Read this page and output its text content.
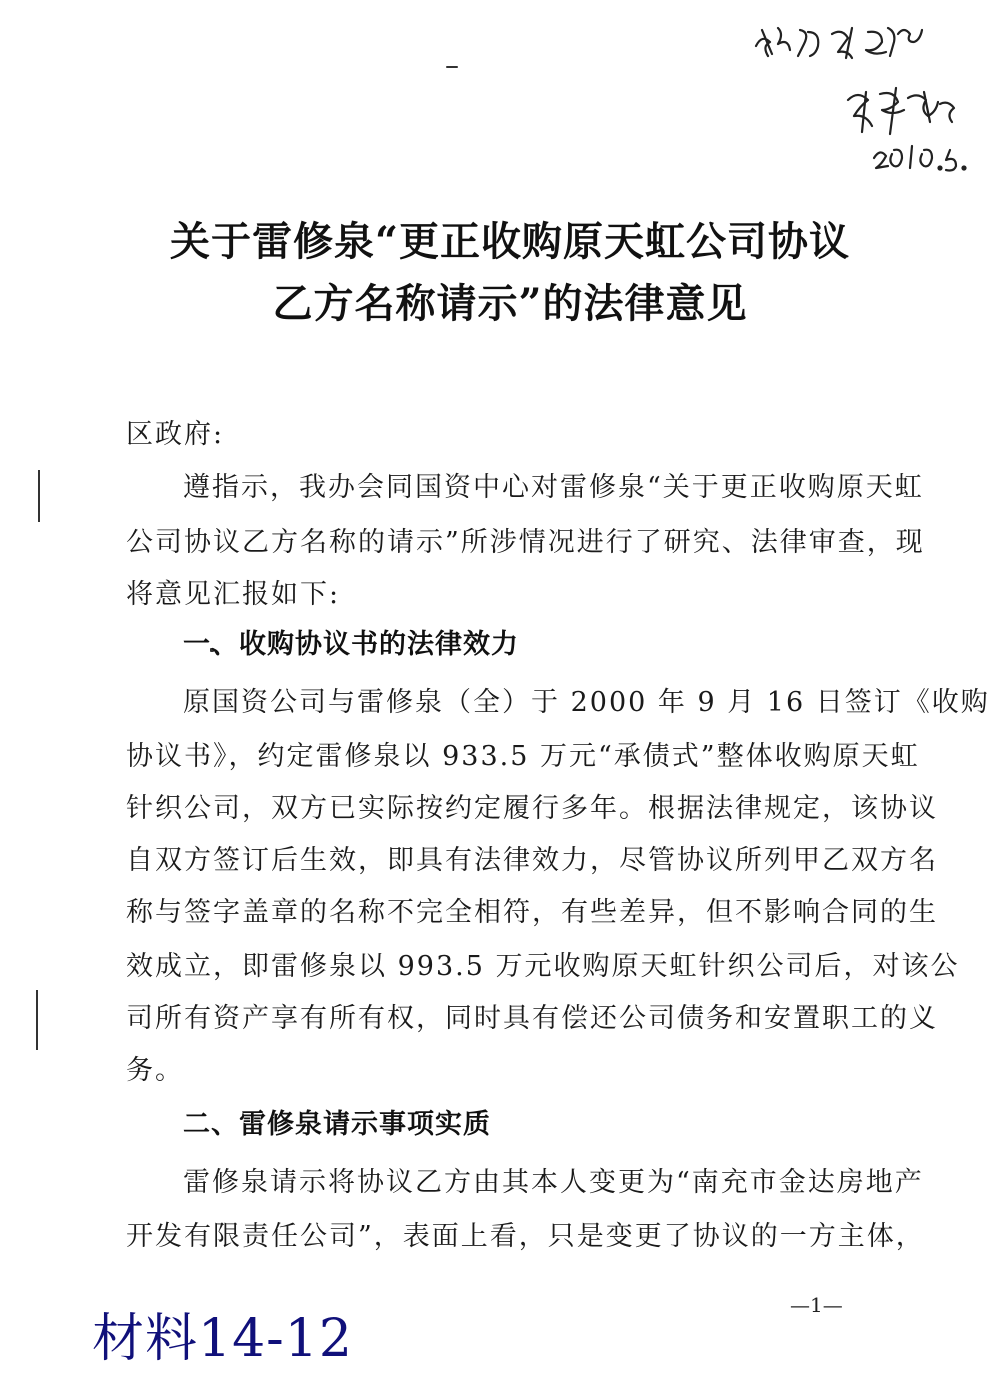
关于雷修泉“更正收购原天虹公司协议
乙方名称请示”的法律意见
区政府:
遵指示，我办会同国资中心对雷修泉“关于更正收购原天虹
公司协议乙方名称的请示”所涉情况进行了研究、法律审查，现
将意见汇报如下:
一、收购协议书的法律效力
原国资公司与雷修泉（全）于 2000 年 9 月 16 日签订《收购
协议书》，约定雷修泉以 933.5 万元“承债式”整体收购原天虹
针织公司，双方已实际按约定履行多年。根据法律规定，该协议
自双方签订后生效，即具有法律效力，尽管协议所列甲乙双方名
称与签字盖章的名称不完全相符，有些差异，但不影响合同的生
效成立，即雷修泉以 993.5 万元收购原天虹针织公司后，对该公
司所有资产享有所有权，同时具有偿还公司债务和安置职工的义
务。
二、雷修泉请示事项实质
雷修泉请示将协议乙方由其本人变更为“南充市金达房地产
开发有限责任公司”，表面上看，只是变更了协议的一方主体，
—1—
材料14-12
